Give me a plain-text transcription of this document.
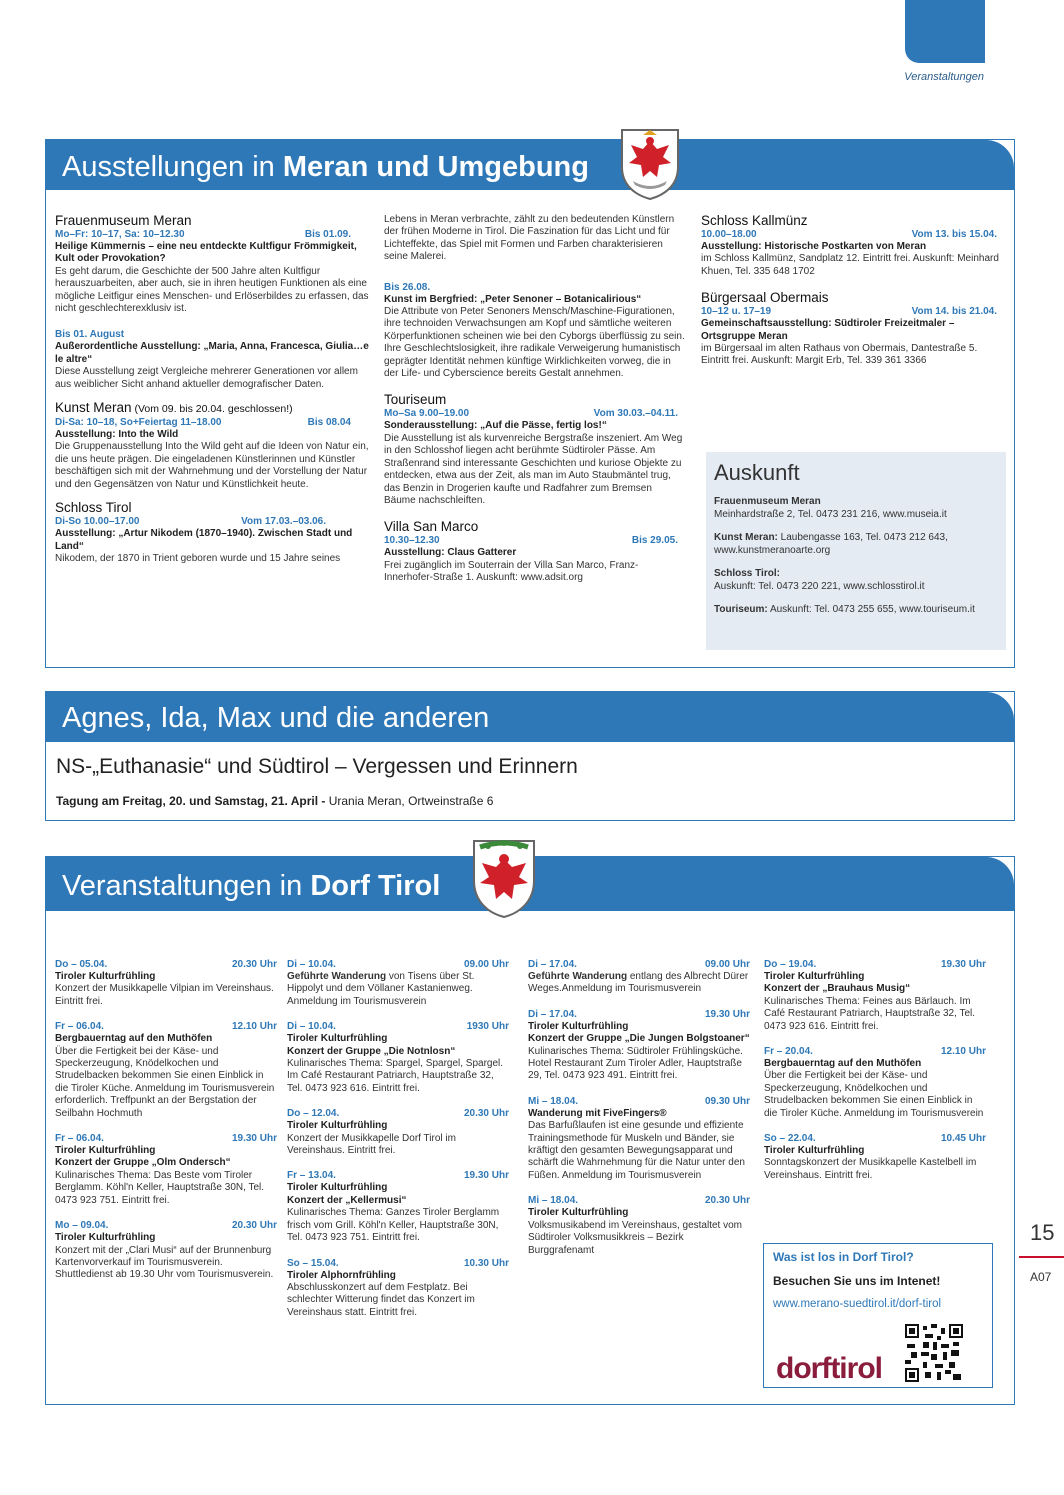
Veranstaltungen
Ausstellungen in Meran und Umgebung
Frauenmuseum Meran
Mo–Fr: 10–17, Sa: 10–12.30	Bis 01.09.
Heilige Kümmernis – eine neu entdeckte Kultfigur Frömmigkeit, Kult oder Provokation?
Es geht darum, die Geschichte der 500 Jahre alten Kultfigur herauszuarbeiten, aber auch, sie in ihren heutigen Funktionen als eine mögliche Leitfigur eines Menschen- und Erlöserbildes zu erfassen, das nicht geschlechterexklusiv ist.
Bis 01. August
Außerordentliche Ausstellung: „Maria, Anna, Francesca, Giulia…e le altre“
Diese Ausstellung zeigt Vergleiche mehrerer Generationen vor allem aus weiblicher Sicht anhand aktueller demografischer Daten.
Kunst Meran (Vom 09. bis 20.04. geschlossen!)
Di-Sa: 10–18, So+Feiertag 11–18.00	Bis 08.04
Ausstellung: Into the Wild
Die Gruppenausstellung Into the Wild geht auf die Ideen von Natur ein, die uns heute prägen. Die eingeladenen Künstlerinnen und Künstler beschäftigen sich mit der Wahrnehmung und der Vorstellung der Natur und den Gegensätzen von Natur und Künstlichkeit heute.
Schloss Tirol
Di-So 10.00–17.00	Vom 17.03.–03.06.
Ausstellung: „Artur Nikodem (1870–1940). Zwischen Stadt und Land“
Nikodem, der 1870 in Trient geboren wurde und 15 Jahre seines
Lebens in Meran verbrachte, zählt zu den bedeutenden Künstlern der frühen Moderne in Tirol. Die Faszination für das Licht und für Lichteffekte, das Spiel mit Formen und Farben charakterisieren seine Malerei.
Bis 26.08.
Kunst im Bergfried: „Peter Senoner – Botanicalirious“
Die Attribute von Peter Senoners Mensch/Maschine-Figurationen, ihre technoiden Verwachsungen am Kopf und sämtliche weiteren Körperfunktionen scheinen wie bei den Cyborgs überflüssig zu sein. Ihre Geschlechtslosigkeit, ihre radikale Verweigerung humanistisch geprägter Identität nehmen künftige Wirklichkeiten vorweg, die in der Life- und Cyberscience bereits Gestalt annehmen.
Touriseum
Mo–Sa 9.00–19.00	Vom 30.03.–04.11.
Sonderausstellung: „Auf die Pässe, fertig los!“
Die Ausstellung ist als kurvenreiche Bergstraße inszeniert. Am Weg in den Schlosshof liegen acht berühmte Südtiroler Pässe. Am Straßenrand sind interessante Geschichten und kuriose Objekte zu entdecken, etwa aus der Zeit, als man im Auto Staubmäntel trug, das Benzin in Drogerien kaufte und Radfahrer zum Bremsen Bäume nachschleiften.
Villa San Marco
10.30–12.30	Bis 29.05.
Ausstellung: Claus Gatterer
Frei zugänglich im Souterrain der Villa San Marco, Franz-Innerhofer-Straße 1. Auskunft: www.adsit.org
Schloss Kallmünz
10.00–18.00	Vom 13. bis 15.04.
Ausstellung: Historische Postkarten von Meran
im Schloss Kallmünz, Sandplatz 12. Eintritt frei. Auskunft: Meinhard Khuen, Tel. 335 648 1702
Bürgersaal Obermais
10–12 u. 17–19	Vom 14. bis 21.04.
Gemeinschaftsausstellung: Südtiroler Freizeitmaler – Ortsgruppe Meran
im Bürgersaal im alten Rathaus von Obermais, Dantestraße 5. Eintritt frei. Auskunft: Margit Erb, Tel. 339 361 3366
Auskunft
Frauenmuseum Meran
Meinhardstraße 2, Tel. 0473 231 216, www.museia.it
Kunst Meran: Laubengasse 163, Tel. 0473 212 643, www.kunstmeranoarte.org
Schloss Tirol:
Auskunft: Tel. 0473 220 221, www.schlosstirol.it
Touriseum: Auskunft: Tel. 0473 255 655, www.touriseum.it
Agnes, Ida, Max und die anderen
NS-„Euthanasie“ und Südtirol – Vergessen und Erinnern
Tagung am Freitag, 20. und Samstag, 21. April - Urania Meran, Ortweinstraße 6
Veranstaltungen in Dorf Tirol
Do – 05.04.	20.30 Uhr
Tiroler Kulturfrühling
Konzert der Musikkapelle Vilpian im Vereinshaus. Eintritt frei.
Fr – 06.04.	12.10 Uhr
Bergbauerntag auf den Muthöfen
Über die Fertigkeit bei der Käse- und Speckerzeugung, Knödelkochen und Strudelbacken bekommen Sie einen Einblick in die Tiroler Küche. Anmeldung im Tourismusverein erforderlich. Treffpunkt an der Bergstation der Seilbahn Hochmuth
Fr – 06.04.	19.30 Uhr
Tiroler Kulturfrühling
Konzert der Gruppe „Olm Ondersch“
Kulinarisches Thema: Das Beste vom Tiroler Berglamm. Köhl'n Keller, Hauptstraße 30N, Tel. 0473 923 751. Eintritt frei.
Mo – 09.04.	20.30 Uhr
Tiroler Kulturfrühling
Konzert mit der „Clari Musi“ auf der Brunnenburg Kartenvorverkauf im Tourismusverein. Shuttledienst ab 19.30 Uhr vom Tourismusverein.
Di – 10.04.	09.00 Uhr
Geführte Wanderung von Tisens über St. Hippolyt und dem Völlaner Kastanienweg. Anmeldung im Tourismusverein
Di – 10.04.	1930 Uhr
Tiroler Kulturfrühling
Konzert der Gruppe „Die Notnlosn“
Kulinarisches Thema: Spargel, Spargel, Spargel. Im Café Restaurant Patriarch, Hauptstraße 32, Tel. 0473 923 616. Eintritt frei.
Do – 12.04.	20.30 Uhr
Tiroler Kulturfrühling
Konzert der Musikkapelle Dorf Tirol im Vereinshaus. Eintritt frei.
Fr – 13.04.	19.30 Uhr
Tiroler Kulturfrühling
Konzert der „Kellermusi“
Kulinarisches Thema: Ganzes Tiroler Berglamm frisch vom Grill. Köhl'n Keller, Hauptstraße 30N, Tel. 0473 923 751. Eintritt frei.
So – 15.04.	10.30 Uhr
Tiroler Alphornfrühling
Abschlusskonzert auf dem Festplatz. Bei schlechter Witterung findet das Konzert im Vereinshaus statt. Eintritt frei.
Di – 17.04.	09.00 Uhr
Geführte Wanderung entlang des Albrecht Dürer Weges.Anmeldung im Tourismusverein
Di – 17.04.	19.30 Uhr
Tiroler Kulturfrühling
Konzert der Gruppe „Die Jungen Bolgstoaner“
Kulinarisches Thema: Südtiroler Frühlingsküche. Hotel Restaurant Zum Tiroler Adler, Hauptstraße 29, Tel. 0473 923 491. Eintritt frei.
Mi – 18.04.	09.30 Uhr
Wanderung mit FiveFingers®
Das Barfußlaufen ist eine gesunde und effiziente Trainingsmethode für Muskeln und Bänder, sie kräftigt den gesamten Bewegungsapparat und schärft die Wahrnehmung für die Natur unter den Füßen. Anmeldung im Tourismusverein
Mi – 18.04.	20.30 Uhr
Tiroler Kulturfrühling
Volksmusikabend im Vereinshaus, gestaltet vom Südtiroler Volksmusikkreis – Bezirk Burggrafenamt
Do – 19.04.	19.30 Uhr
Tiroler Kulturfrühling
Konzert der „Brauhaus Musig“
Kulinarisches Thema: Feines aus Bärlauch. Im Café Restaurant Patriarch, Hauptstraße 32, Tel. 0473 923 616. Eintritt frei.
Fr – 20.04.	12.10 Uhr
Bergbauerntag auf den Muthöfen
Über die Fertigkeit bei der Käse- und Speckerzeugung, Knödelkochen und Strudelbacken bekommen Sie einen Einblick in die Tiroler Küche. Anmeldung im Tourismusverein
So – 22.04.	10.45 Uhr
Tiroler Kulturfrühling
Sonntagskonzert der Musikkapelle Kastelbell im Vereinshaus. Eintritt frei.
Was ist los in Dorf Tirol?
Besuchen Sie uns im Intenet!
www.merano-suedtirol.it/dorf-tirol
dorftirol
15
A07
